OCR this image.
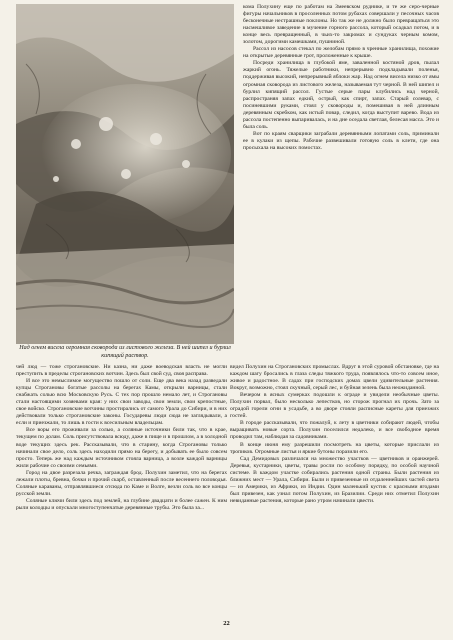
Над огнем висела огромная сковорода из листового железа. В ней шипел и бурлил кипящий раствор.

кома Полухину еще по работам на Змеевском руднике, и те же серо-черные фигуры начальников в просоленных потом рубахах совершали у песочных часов бесконечные нестрашные поклоны. Но так же не должно было превращаться это насмешливое заведение в мучение горного рассола, который осадкал потом, и в конце весь превращенный, в чьих-то закромах и сундуках черным комом, золотом, дорогими камешками, пушниной.

Рассол из насосов стекал по желобам прямо в чренные хранилища, похожие на открытые деревянные грот, проложенные к крыше.

Посреди хранилища в глубокой яме, заваленной костяной дров, пылал жаркий огонь. Тяжелые работники, непрерывно подкладывали поленья, поддерживая высокий, непрерывный яблоки жар. Над огнем висела низко от ямы огромная сковорода из листового железа, называемая тут черной. В ней шипел и бурлил кипящий рассол. Густые серые пары клубились над черной, распространяя запах едкий, острый, как спирт, запах. Старый солевар, с посиневшими руками, стоял у сковороды и, помешивая в ней длинным деревянным скребком, как истый повар, следил, когда выступит варево. Вода из рассола постепенно выпаривалась, и на дне оседала светлая, белесая масса. Это и была соль.

Вот по краям сварщики заграбали деревянными лопатами соль, приминали ее в кулаки из щепы. Рабочие развешивали готовую соль в клети, где она просыхала на высоких помостах.

чей люд — тоже строгановские. Ни казна, ни даже воеводская власть не могли преступить в пределы строгановских вотчин. Здесь был свой суд, своя расправа.

И все это немыслимое могущество пошло от соли. Еще два века назад разведали купцы Строгановы богатые рассолы на берегах Камы, открыли варницы, стали снабжать солью всю Московскую Русь. С тех пор прошло немало лет, и Строгановы стали настоящими хозяевами края: у них свои заводы, свои земли, свои крепостные, свое войско. Строгановские вотчины простирались от самого Урала до Сибири, и в них действовали только строгановские законы. Государевы люди сюда не заглядывали, а если и приезжали, то лишь в гости к всесильным владельцам.

Все воры его проживали за солью, а соляные источники били так, что в крае, текущем по долам. Соль присутствовала всюду, даже в пище и в прошлом, а в холодной воде текущих здесь рек. Рассказывали, что в старину, когда Строгановы только начинали свое дело, соль здесь находили прямо на берегу, и добывать ее было совсем просто. Теперь же над каждым источником стояла варница, а возле каждой варницы жили рабочие со своими семьями.

Город на двое разрезала речка, заграждая брод. Полухин заметил, что на берегах лежали плоты, бревна, бочки и прочий скарб, оставленный после весеннего половодья. Соляные караваны, отправлявшиеся отсюда по Каме и Волге, везли соль во все концы русской земли.

Соляные ключи били здесь под землей, на глубине двадцати и более сажен. К ним рыли колодцы и опускали многоступенчатые деревянные трубы. Это была за...

видел Полухин на Строгановских промыслах. Вдруг в этой суровой обстановке, где на каждом шагу бросались в глаза следы тяжкого труда, появлялось что-то совсем иное, живое и радостное. В садах при господских домах цвели удивительные растения. Вокруг, возможно, стоял скучный, серый лес, и буйная зелень была неожиданной.

Вечером в ясных сумерках подошли к ограде и увидели необычные цветы. Полухин порвал, было несколько лепестков, но сторож прогнал их прочь. Зато за оградой горели огни в усадьбе, а во дворе стояли расписные кареты для приезжих гостей.

В городе рассказывали, что пожалуй, к лету в цветники собирают людей, чтобы выращивать новые сорта. Полухин поселился недалеко, и все свободное время проводил там, наблюдая за садовниками.

В конце июня ему разрешили посмотреть на цветы, которые прислали из тропиков. Огромные листья и яркие бутоны поразили его.

Сад Демидовых различался на множество участков — цветников и оранжерей. Деревья, кустарники, цветы, травы росли по особому порядку, по особой научной системе. В каждом участке собирались растения одной страны. Были растения из ближних мест — Урала, Сибири. Были и привезенные из отдаленнейших частей света — из Америки, из Африки, из Индии. Один маленький кустик с красными ягодами был привезен, как узнал потом Полухин, из Бразилии. Среди них отметил Полухин невиданные растения, которые рано утром начинали цвести.

22
